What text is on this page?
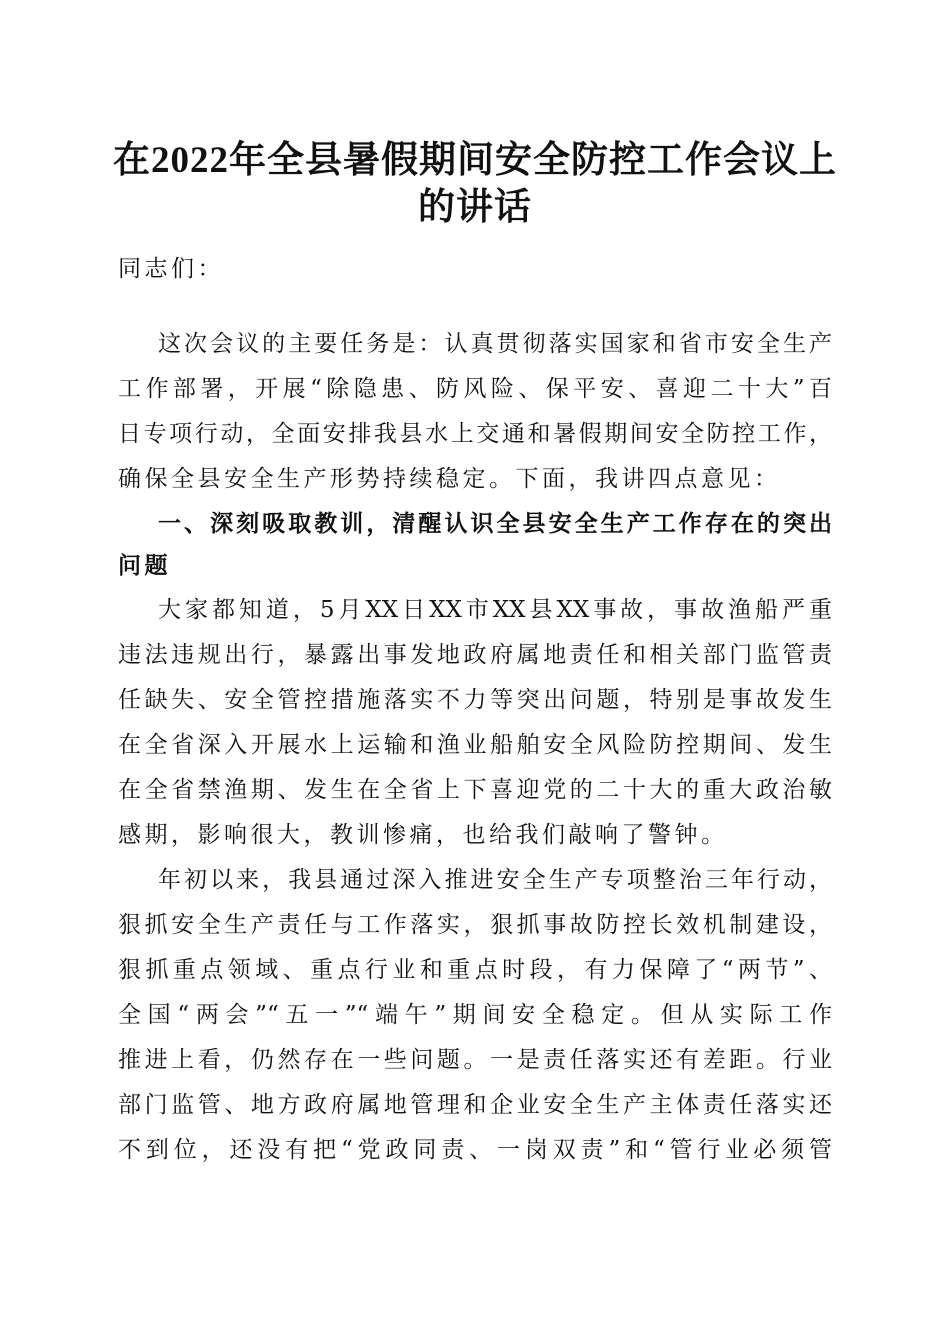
在2022年全县暑假期间安全防控工作会议上
的讲话
同志们：
这次会议的主要任务是：认真贯彻落实国家和省市安全生产
工作部署，开展“除隐患、防风险、保平安、喜迎二十大”百
日专项行动，全面安排我县水上交通和暑假期间安全防控工作，
确保全县安全生产形势持续稳定。下面，我讲四点意见：
一、深刻吸取教训，清醒认识全县安全生产工作存在的突出
问题
大家都知道，5月XX日XX市XX县XX事故，事故渔船严重
违法违规出行，暴露出事发地政府属地责任和相关部门监管责
任缺失、安全管控措施落实不力等突出问题，特别是事故发生
在全省深入开展水上运输和渔业船舶安全风险防控期间、发生
在全省禁渔期、发生在全省上下喜迎党的二十大的重大政治敏
感期，影响很大，教训惨痛，也给我们敲响了警钟。
年初以来，我县通过深入推进安全生产专项整治三年行动，
狠抓安全生产责任与工作落实，狠抓事故防控长效机制建设，
狠抓重点领域、重点行业和重点时段，有力保障了“两节”、
全国“两会”“五一”“端午”期间安全稳定。但从实际工作
推进上看，仍然存在一些问题。一是责任落实还有差距。行业
部门监管、地方政府属地管理和企业安全生产主体责任落实还
不到位，还没有把“党政同责、一岗双责”和“管行业必须管
